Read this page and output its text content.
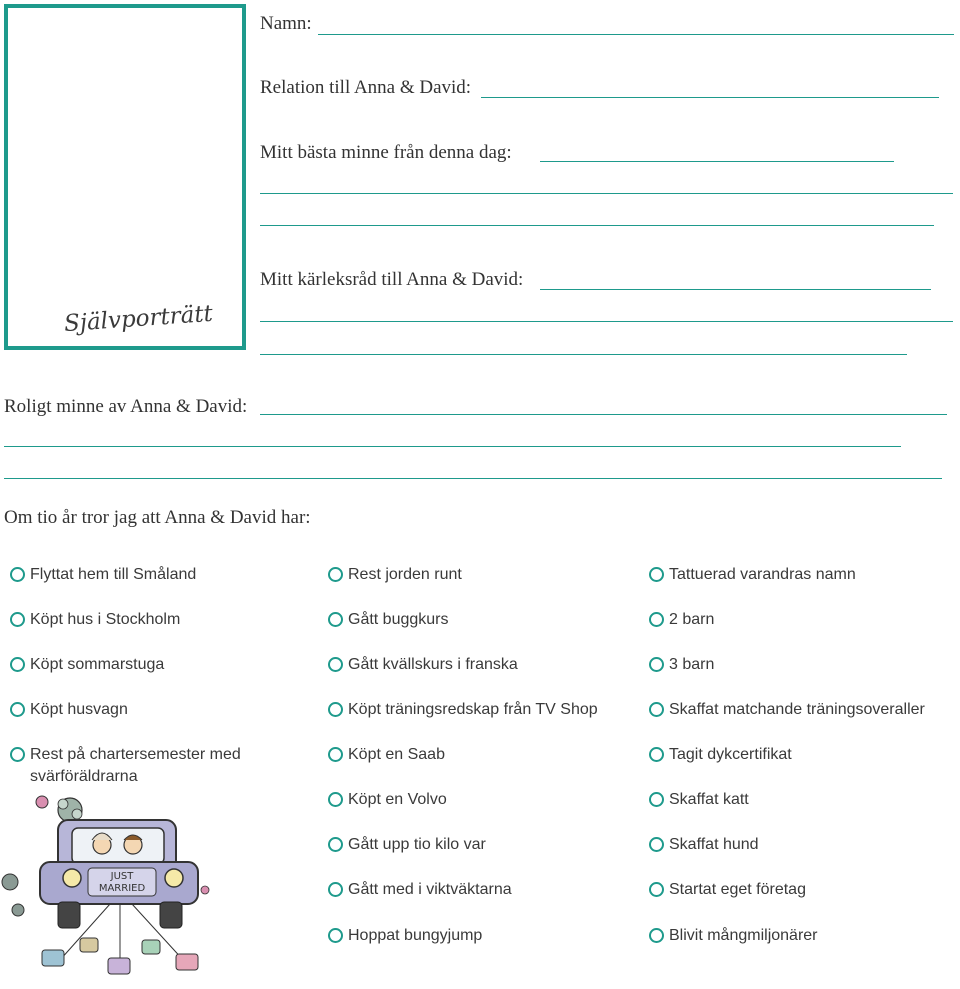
Självporträtt
Namn:
Relation till Anna & David:
Mitt bästa minne från denna dag:
Mitt kärleksråd till Anna & David:
Roligt minne av Anna & David:
Om tio år tror jag att Anna & David har:
Flyttat hem till Småland
Köpt hus i Stockholm
Köpt sommarstuga
Köpt husvagn
Rest på chartersemester med svärföräldrarna
Rest jorden runt
Gått buggkurs
Gått kvällskurs i franska
Köpt träningsredskap från TV Shop
Köpt en Saab
Köpt en Volvo
Gått upp tio kilo var
Gått med i viktväktarna
Hoppat bungyjump
Tattuerad varandras namn
2 barn
3 barn
Skaffat matchande träningsoveraller
Tagit dykcertifikat
Skaffat katt
Skaffat hund
Startat eget företag
Blivit mångmiljonärer
JUST
MARRIED
